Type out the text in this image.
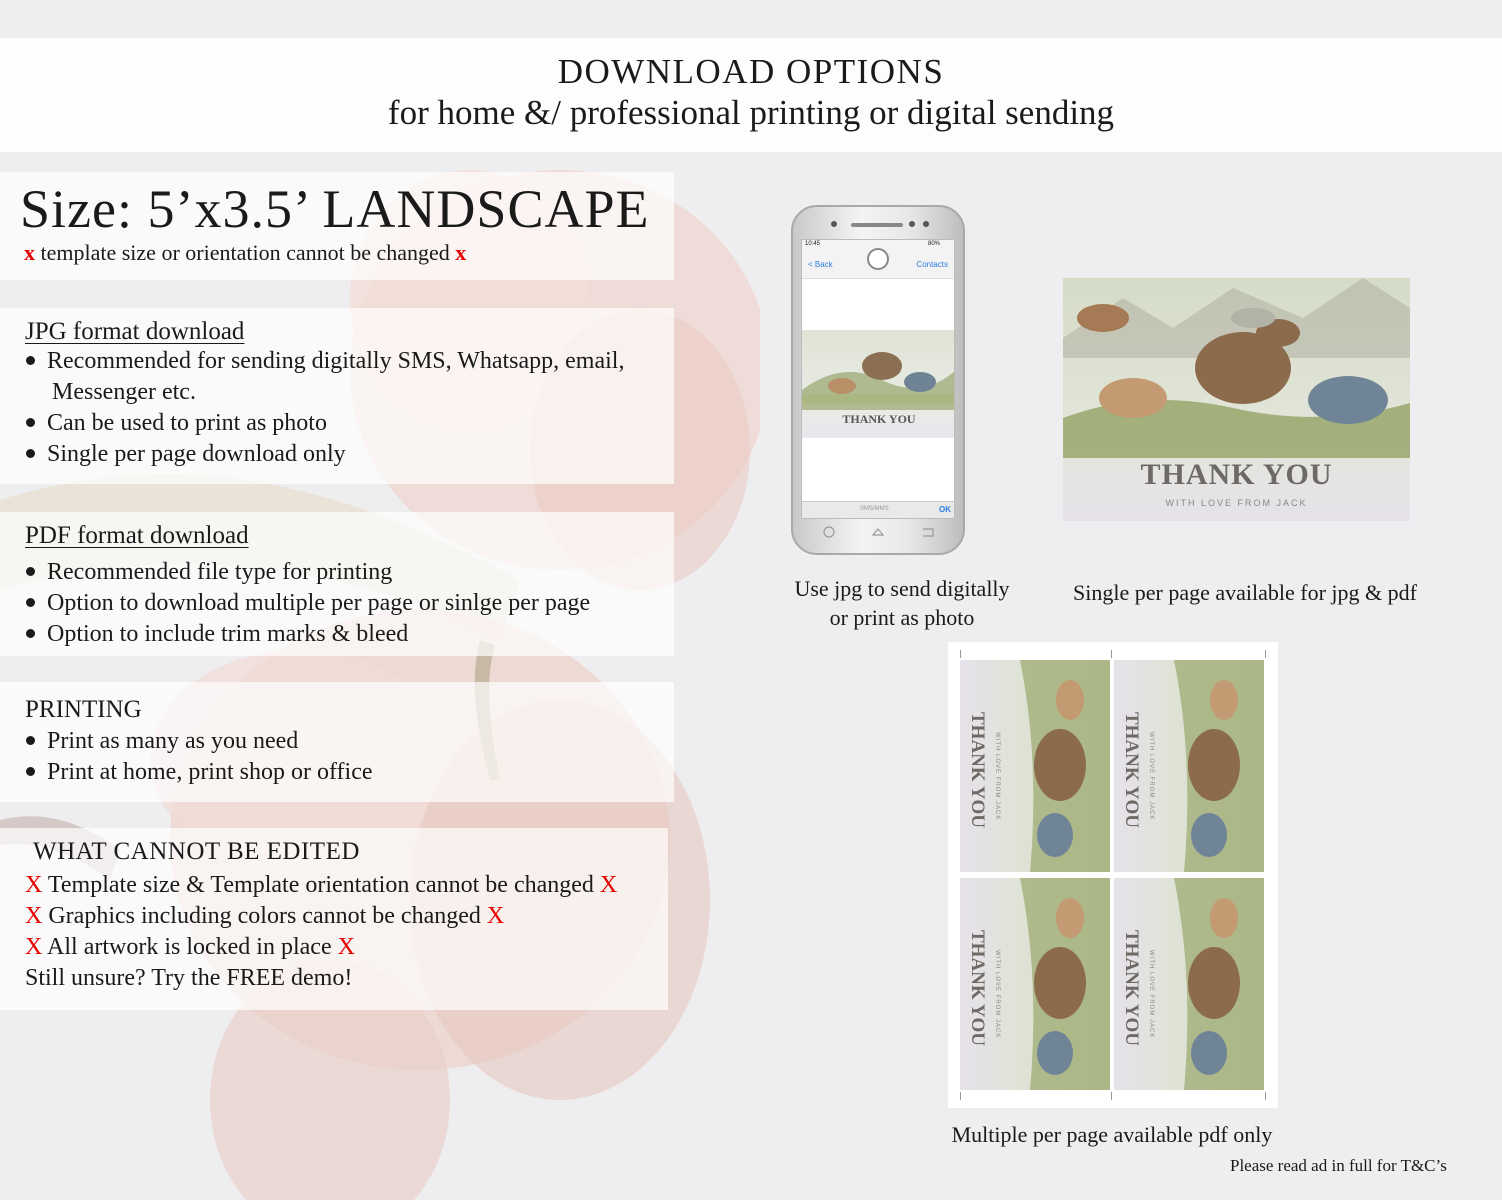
DOWNLOAD OPTIONS
for home &/ professional printing or digital sending
Size: 5’x3.5’ LANDSCAPE
x template size or orientation cannot be changed x
JPG format download
Recommended for sending digitally SMS, Whatsapp, email,
Messenger etc.
Can be used to print as photo
Single per page download only
PDF format download
Recommended file type for printing
Option to download multiple per page or sinlge per page
Option to include trim marks & bleed
PRINTING
Print as many as you need
Print at home, print shop or office
WHAT CANNOT BE EDITED
X Template size & Template orientation cannot be changed X
X Graphics including colors cannot be changed X
X All artwork is locked in place X
Still unsure? Try the FREE demo!
10:45	80%
< Back	Contacts
THANK YOU
SMS/MMS	OK
Use jpg to send digitally
or print as photo
THANK YOU
WITH LOVE FROM JACK
Single per page available for jpg & pdf
THANK YOU WITH LOVE FROM JACK	THANK YOU WITH LOVE FROM JACK
THANK YOU WITH LOVE FROM JACK	THANK YOU WITH LOVE FROM JACK
Multiple per page available pdf only
Please read ad in full for T&C’s
